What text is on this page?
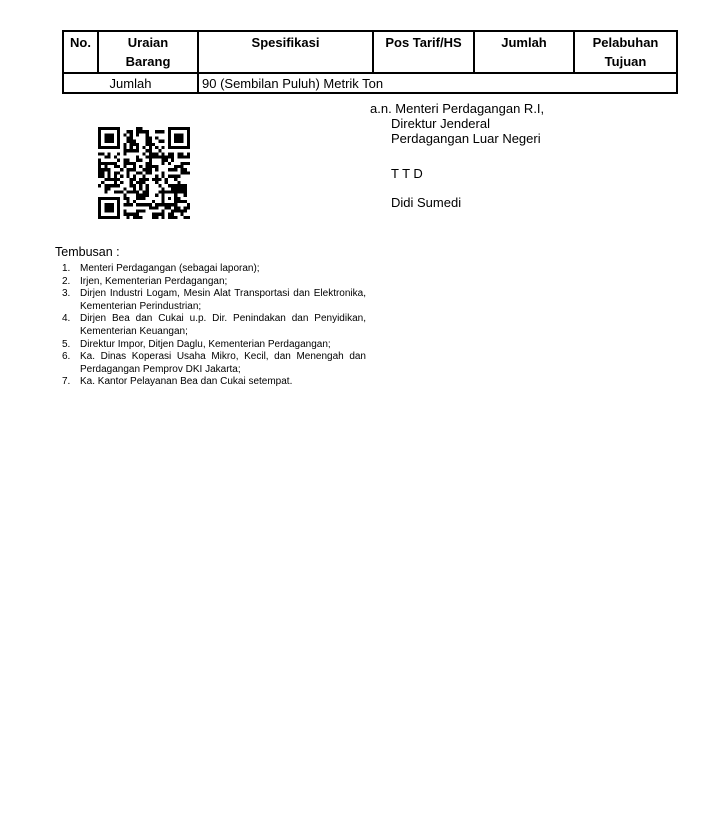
No.	Uraian Barang	Spesifikasi	Pos Tarif/HS	Jumlah	Pelabuhan Tujuan
Jumlah		90 (Sembilan Puluh) Metrik Ton			
a.n. Menteri Perdagangan R.I,
Direktur Jenderal
Perdagangan Luar Negeri
T T D
Didi Sumedi
Tembusan :
1. Menteri Perdagangan (sebagai laporan);
2. Irjen, Kementerian Perdagangan;
3. Dirjen Industri Logam, Mesin Alat Transportasi dan Elektronika, Kementerian Perindustrian;
4. Dirjen Bea dan Cukai u.p. Dir. Penindakan dan Penyidikan, Kementerian Keuangan;
5. Direktur Impor, Ditjen Daglu, Kementerian Perdagangan;
6. Ka. Dinas Koperasi Usaha Mikro, Kecil, dan Menengah dan Perdagangan Pemprov DKI Jakarta;
7. Ka. Kantor Pelayanan Bea dan Cukai setempat.
